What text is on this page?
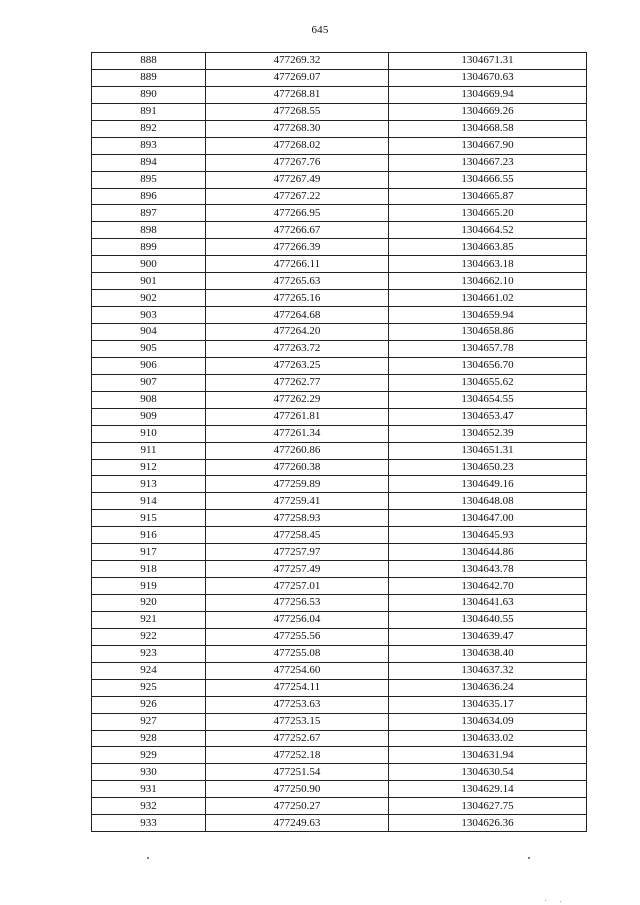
645
888	477269.32	1304671.31
889	477269.07	1304670.63
890	477268.81	1304669.94
891	477268.55	1304669.26
892	477268.30	1304668.58
893	477268.02	1304667.90
894	477267.76	1304667.23
895	477267.49	1304666.55
896	477267.22	1304665.87
897	477266.95	1304665.20
898	477266.67	1304664.52
899	477266.39	1304663.85
900	477266.11	1304663.18
901	477265.63	1304662.10
902	477265.16	1304661.02
903	477264.68	1304659.94
904	477264.20	1304658.86
905	477263.72	1304657.78
906	477263.25	1304656.70
907	477262.77	1304655.62
908	477262.29	1304654.55
909	477261.81	1304653.47
910	477261.34	1304652.39
911	477260.86	1304651.31
912	477260.38	1304650.23
913	477259.89	1304649.16
914	477259.41	1304648.08
915	477258.93	1304647.00
916	477258.45	1304645.93
917	477257.97	1304644.86
918	477257.49	1304643.78
919	477257.01	1304642.70
920	477256.53	1304641.63
921	477256.04	1304640.55
922	477255.56	1304639.47
923	477255.08	1304638.40
924	477254.60	1304637.32
925	477254.11	1304636.24
926	477253.63	1304635.17
927	477253.15	1304634.09
928	477252.67	1304633.02
929	477252.18	1304631.94
930	477251.54	1304630.54
931	477250.90	1304629.14
932	477250.27	1304627.75
933	477249.63	1304626.36
